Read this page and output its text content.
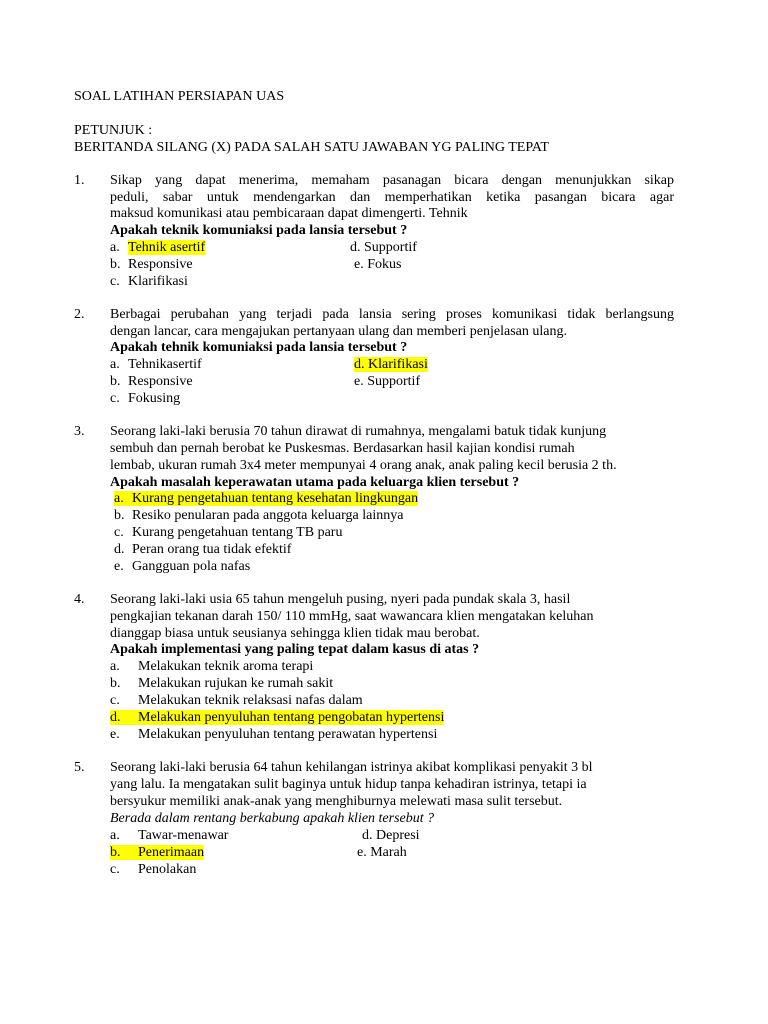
SOAL LATIHAN PERSIAPAN UAS
PETUNJUK :
BERITANDA SILANG (X) PADA SALAH SATU JAWABAN YG PALING TEPAT
1. Sikap yang dapat menerima, memaham pasanagan bicara dengan menunjukkan sikap
peduli, sabar untuk mendengarkan dan memperhatikan ketika pasangan bicara agar
maksud komunikasi atau pembicaraan dapat dimengerti. Tehnik
Apakah teknik komuniaksi pada lansia tersebut ?
a. Tehnik asertif
b. Responsive
c. Klarifikasi
d. Supportif
e. Fokus
2. Berbagai perubahan yang terjadi pada lansia sering proses komunikasi tidak berlangsung
dengan lancar, cara mengajukan pertanyaan ulang dan memberi penjelasan ulang.
Apakah tehnik komuniaksi pada lansia tersebut ?
a. Tehnikasertif
b. Responsive
c. Fokusing
d. Klarifikasi
e. Supportif
3. Seorang laki-laki berusia 70 tahun dirawat di rumahnya, mengalami batuk tidak kunjung
sembuh dan pernah berobat ke Puskesmas. Berdasarkan hasil kajian kondisi rumah
lembab, ukuran rumah 3x4 meter mempunyai 4 orang anak, anak paling kecil berusia 2 th.
Apakah masalah keperawatan utama pada keluarga klien tersebut ?
a. Kurang pengetahuan tentang kesehatan lingkungan
b. Resiko penularan pada anggota keluarga lainnya
c. Kurang pengetahuan tentang TB paru
d. Peran orang tua tidak efektif
e. Gangguan pola nafas
4. Seorang laki-laki usia 65 tahun mengeluh pusing, nyeri pada pundak skala 3, hasil
pengkajian tekanan darah 150/ 110 mmHg, saat wawancara klien mengatakan keluhan
dianggap biasa untuk seusianya sehingga klien tidak mau berobat.
Apakah implementasi yang paling tepat dalam kasus di atas ?
a. Melakukan teknik aroma terapi
b. Melakukan rujukan ke rumah sakit
c. Melakukan teknik relaksasi nafas dalam
d. Melakukan penyuluhan tentang pengobatan hypertensi
e. Melakukan penyuluhan tentang perawatan hypertensi
5. Seorang laki-laki berusia 64 tahun kehilangan istrinya akibat komplikasi penyakit 3 bl
yang lalu. Ia mengatakan sulit baginya untuk hidup tanpa kehadiran istrinya, tetapi ia
bersyukur memiliki anak-anak yang menghiburnya melewati masa sulit tersebut.
Berada dalam rentang berkabung apakah klien tersebut ?
a. Tawar-menawar
b. Penerimaan
c. Penolakan
d. Depresi
e. Marah
